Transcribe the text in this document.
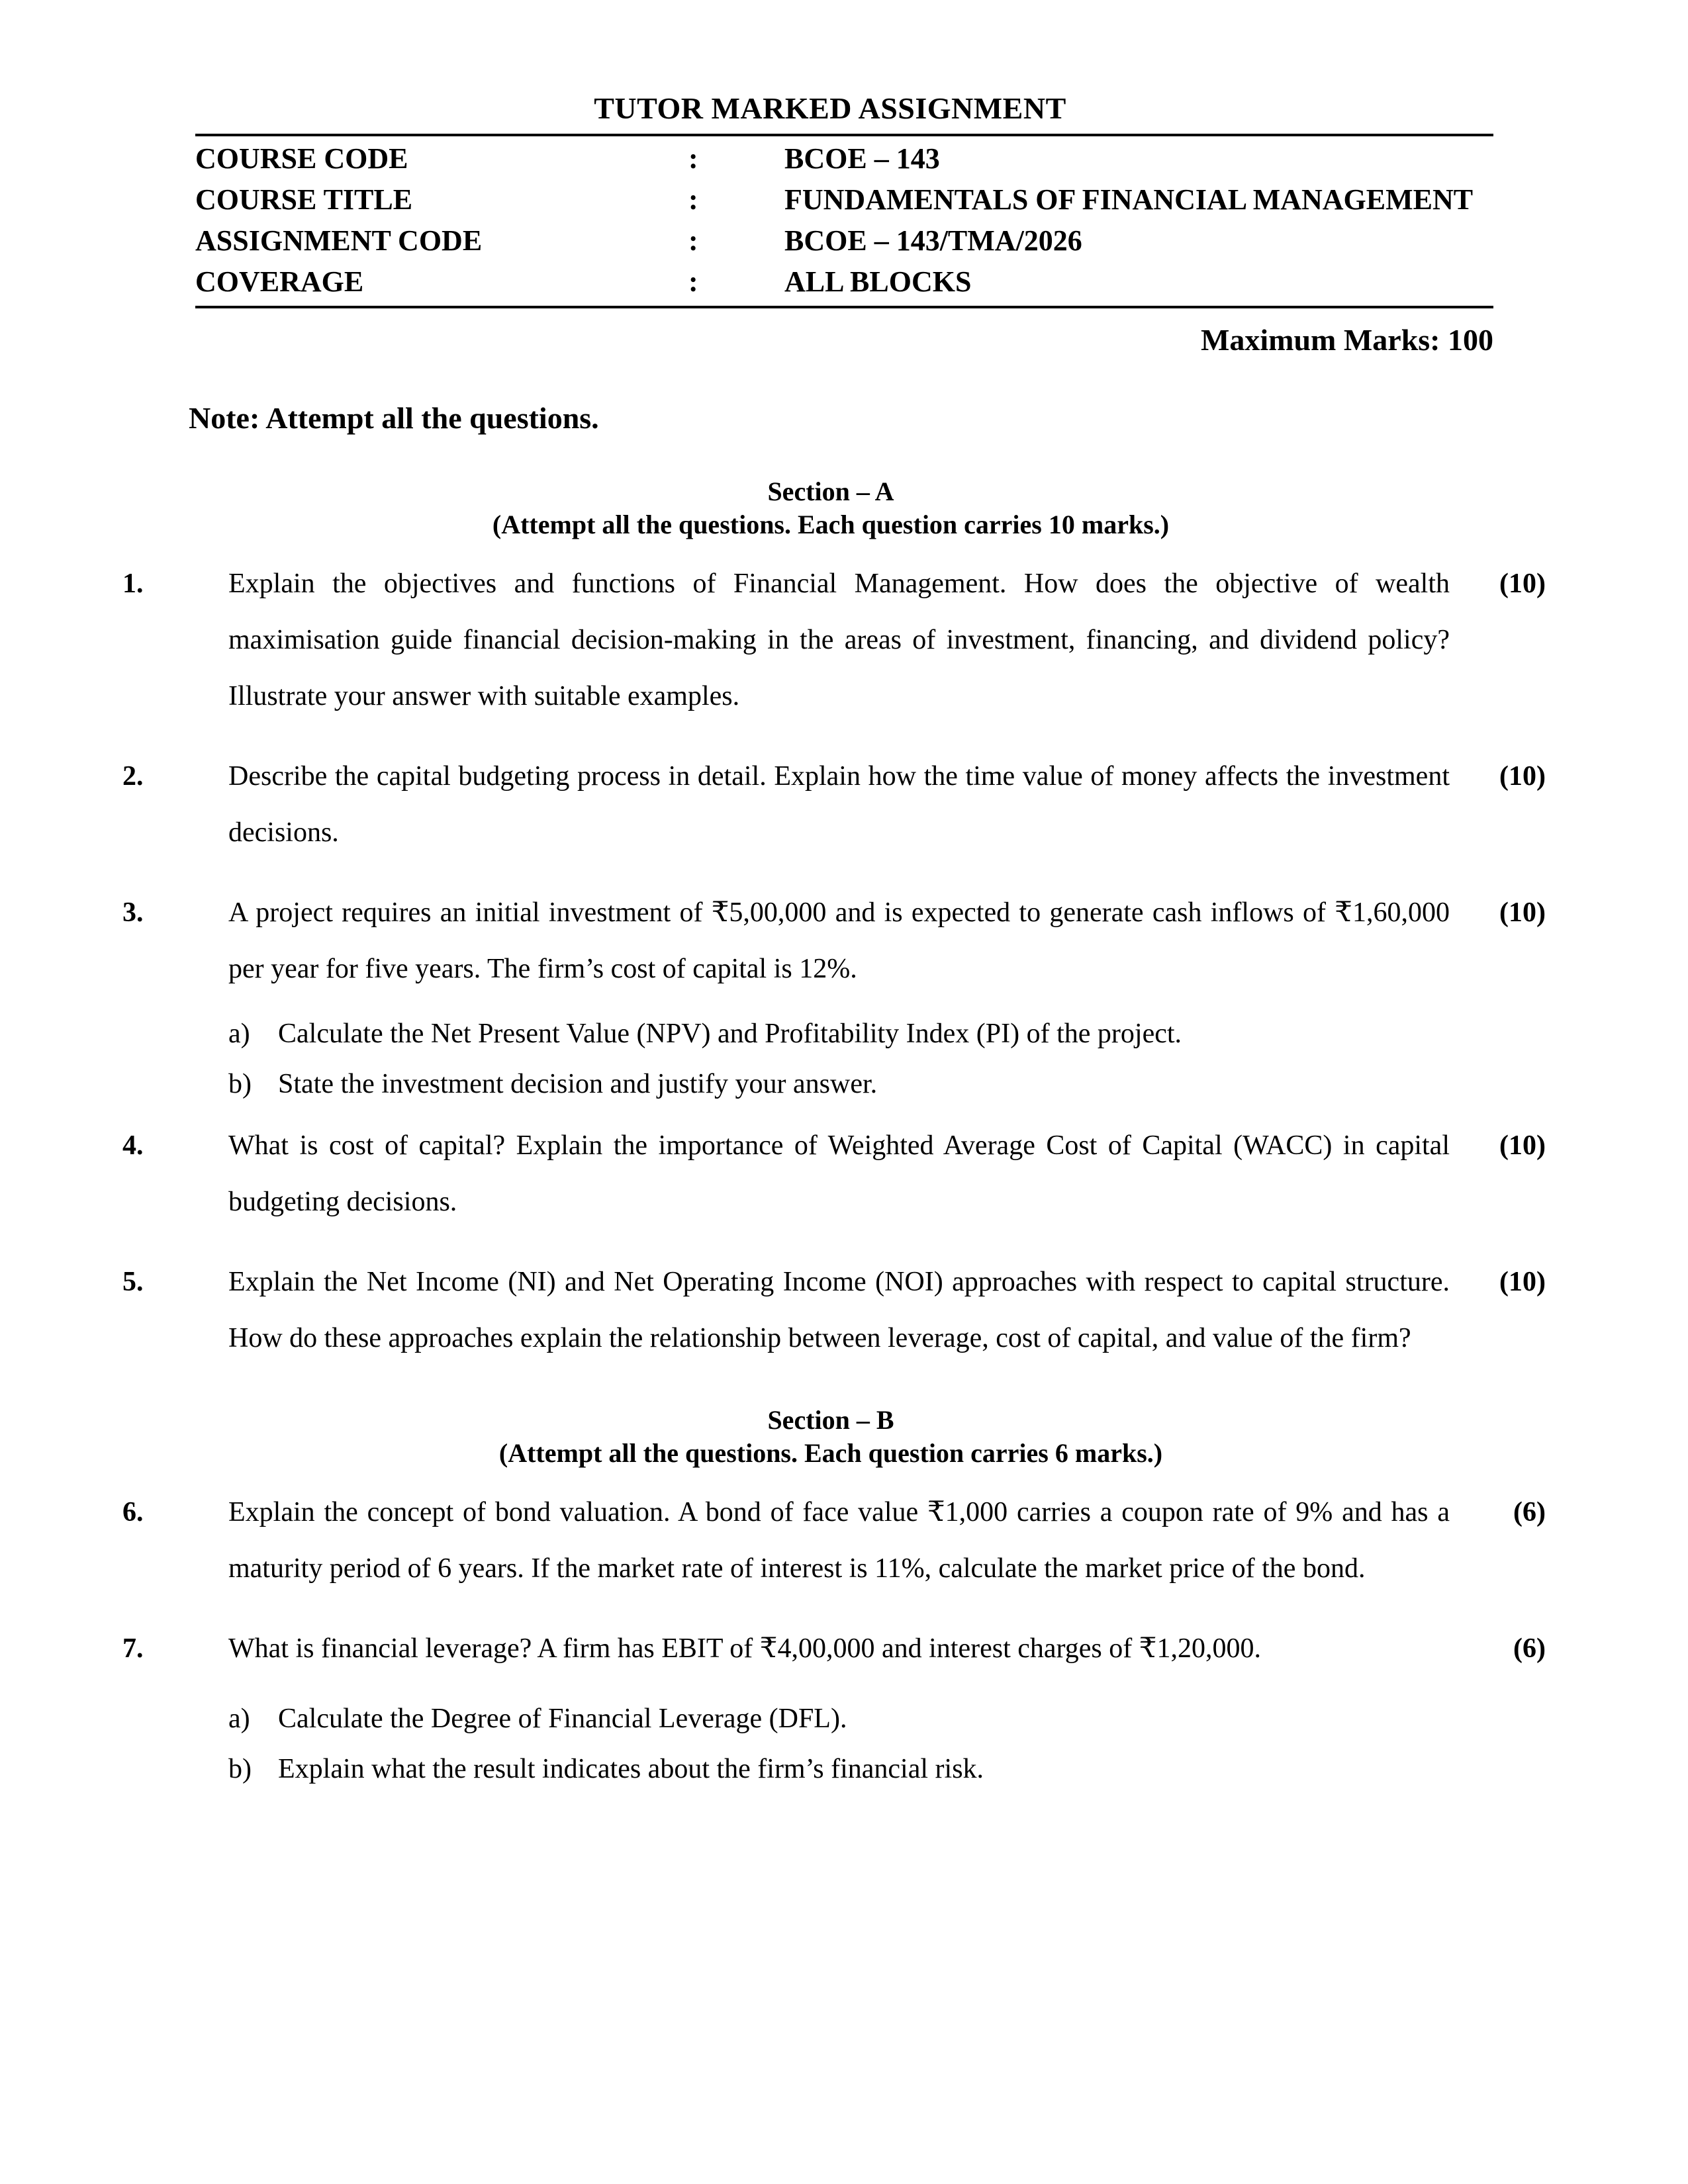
TUTOR MARKED ASSIGNMENT
COURSE CODE	:	BCOE – 143
COURSE TITLE	:	FUNDAMENTALS OF FINANCIAL MANAGEMENT
ASSIGNMENT CODE	:	BCOE – 143/TMA/2026
COVERAGE	:	ALL BLOCKS
Maximum Marks: 100
Note: Attempt all the questions.
Section – A
(Attempt all the questions. Each question carries 10 marks.)
1.	Explain the objectives and functions of Financial Management. How does the objective of wealth maximisation guide financial decision-making in the areas of investment, financing, and dividend policy? Illustrate your answer with suitable examples.
(10)
2.	Describe the capital budgeting process in detail. Explain how the time value of money affects the investment decisions.
(10)
3.	A project requires an initial investment of ₹5,00,000 and is expected to generate cash inflows of ₹1,60,000 per year for five years. The firm’s cost of capital is 12%.
(10)
a) Calculate the Net Present Value (NPV) and Profitability Index (PI) of the project.
b) State the investment decision and justify your answer.
4.	What is cost of capital? Explain the importance of Weighted Average Cost of Capital (WACC) in capital budgeting decisions.
(10)
5.	Explain the Net Income (NI) and Net Operating Income (NOI) approaches with respect to capital structure. How do these approaches explain the relationship between leverage, cost of capital, and value of the firm?
(10)
Section – B
(Attempt all the questions. Each question carries 6 marks.)
6.	Explain the concept of bond valuation. A bond of face value ₹1,000 carries a coupon rate of 9% and has a maturity period of 6 years. If the market rate of interest is 11%, calculate the market price of the bond.
(6)
7.	What is financial leverage? A firm has EBIT of ₹4,00,000 and interest charges of ₹1,20,000.	(6)
a) Calculate the Degree of Financial Leverage (DFL).
b) Explain what the result indicates about the firm’s financial risk.
